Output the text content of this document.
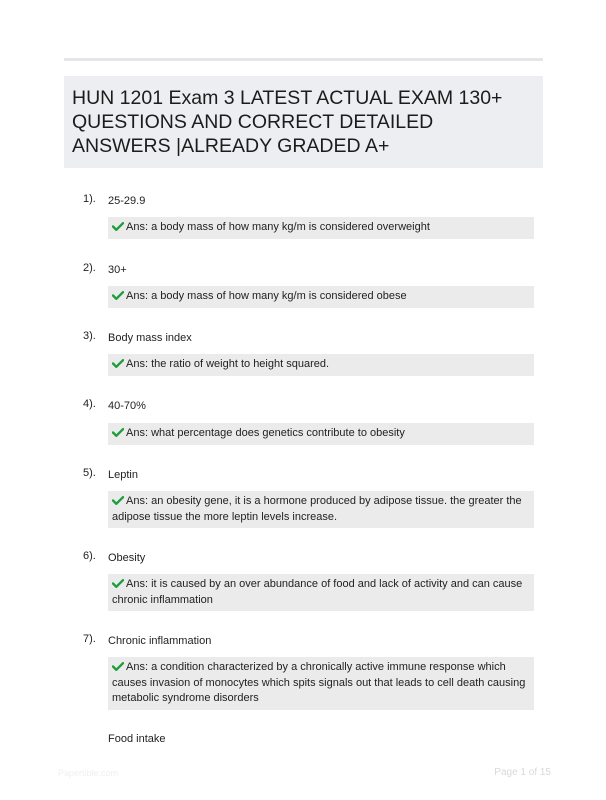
HUN 1201 Exam 3 LATEST ACTUAL EXAM 130+ QUESTIONS AND CORRECT DETAILED ANSWERS |ALREADY GRADED A+
1). 25-29.9
Ans: a body mass of how many kg/m is considered overweight
2). 30+
Ans: a body mass of how many kg/m is considered obese
3). Body mass index
Ans: the ratio of weight to height squared.
4). 40-70%
Ans: what percentage does genetics contribute to obesity
5). Leptin
Ans: an obesity gene, it is a hormone produced by adipose tissue. the greater the adipose tissue the more leptin levels increase.
6). Obesity
Ans: it is caused by an over abundance of food and lack of activity and can cause chronic inflammation
7). Chronic inflammation
Ans: a condition characterized by a chronically active immune response which causes invasion of monocytes which spits signals out that leads to cell death causing metabolic syndrome disorders
Food intake
Papertible.com	Page 1 of 15
